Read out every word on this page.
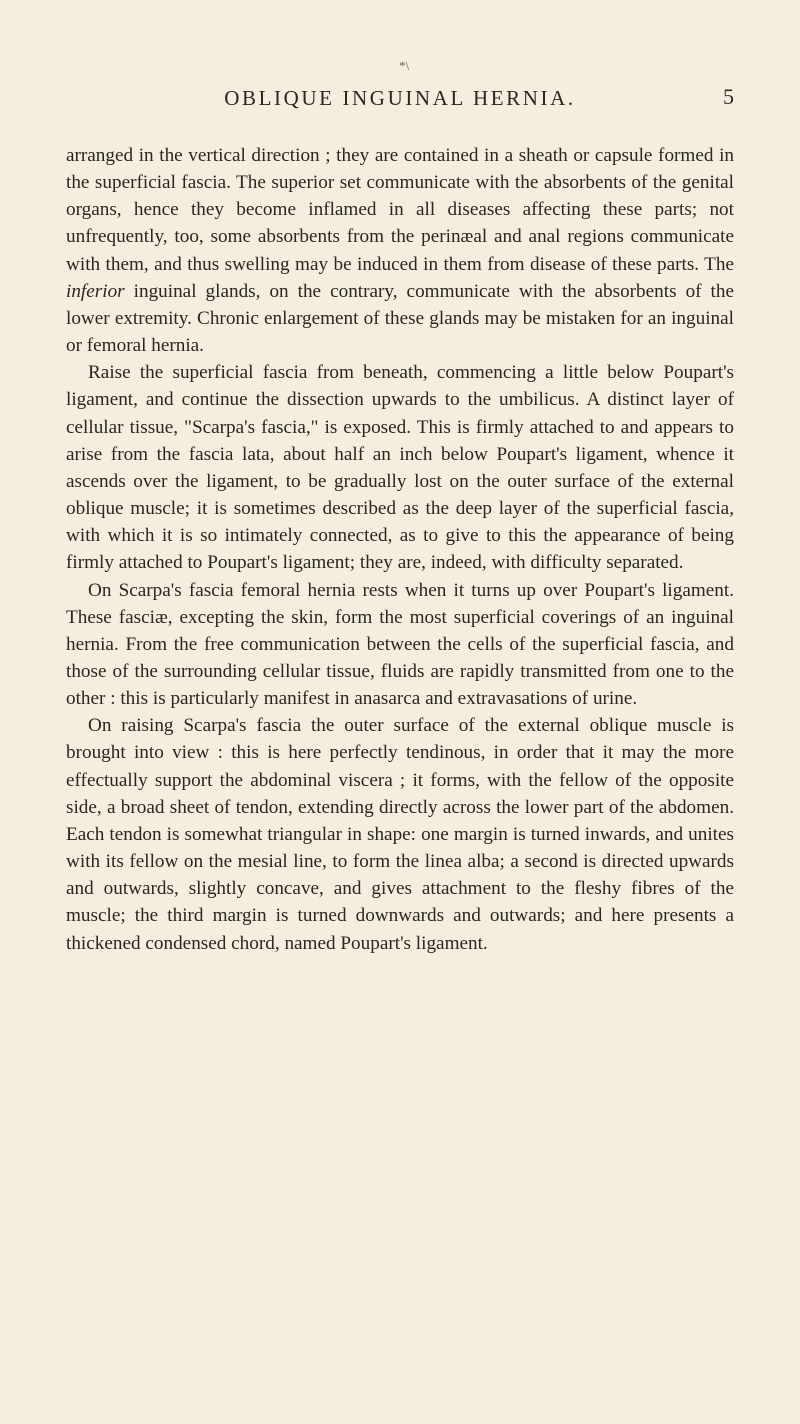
*\
OBLIQUE INGUINAL HERNIA.	5

arranged in the vertical direction ; they are contained in a sheath or capsule formed in the superficial fascia. The superior set communicate with the absorbents of the genital organs, hence they become inflamed in all diseases affecting these parts; not unfrequently, too, some absorbents from the perinæal and anal regions communicate with them, and thus swelling may be induced in them from disease of these parts. The inferior inguinal glands, on the contrary, communicate with the absorbents of the lower extremity. Chronic enlargement of these glands may be mistaken for an inguinal or femoral hernia.

Raise the superficial fascia from beneath, commencing a little below Poupart's ligament, and continue the dissection upwards to the umbilicus. A distinct layer of cellular tissue, "Scarpa's fascia," is exposed. This is firmly attached to and appears to arise from the fascia lata, about half an inch below Poupart's ligament, whence it ascends over the ligament, to be gradually lost on the outer surface of the external oblique muscle; it is sometimes described as the deep layer of the superficial fascia, with which it is so intimately connected, as to give to this the appearance of being firmly attached to Poupart's ligament; they are, indeed, with difficulty separated.

On Scarpa's fascia femoral hernia rests when it turns up over Poupart's ligament. These fasciæ, excepting the skin, form the most superficial coverings of an inguinal hernia. From the free communication between the cells of the superficial fascia, and those of the surrounding cellular tissue, fluids are rapidly transmitted from one to the other : this is particularly manifest in anasarca and extravasations of urine.

On raising Scarpa's fascia the outer surface of the external oblique muscle is brought into view : this is here perfectly tendinous, in order that it may the more effectually support the abdominal viscera ; it forms, with the fellow of the opposite side, a broad sheet of tendon, extending directly across the lower part of the abdomen. Each tendon is somewhat triangular in shape: one margin is turned inwards, and unites with its fellow on the mesial line, to form the linea alba; a second is directed upwards and outwards, slightly concave, and gives attachment to the fleshy fibres of the muscle; the third margin is turned downwards and outwards; and here presents a thickened condensed chord, named Poupart's ligament.
